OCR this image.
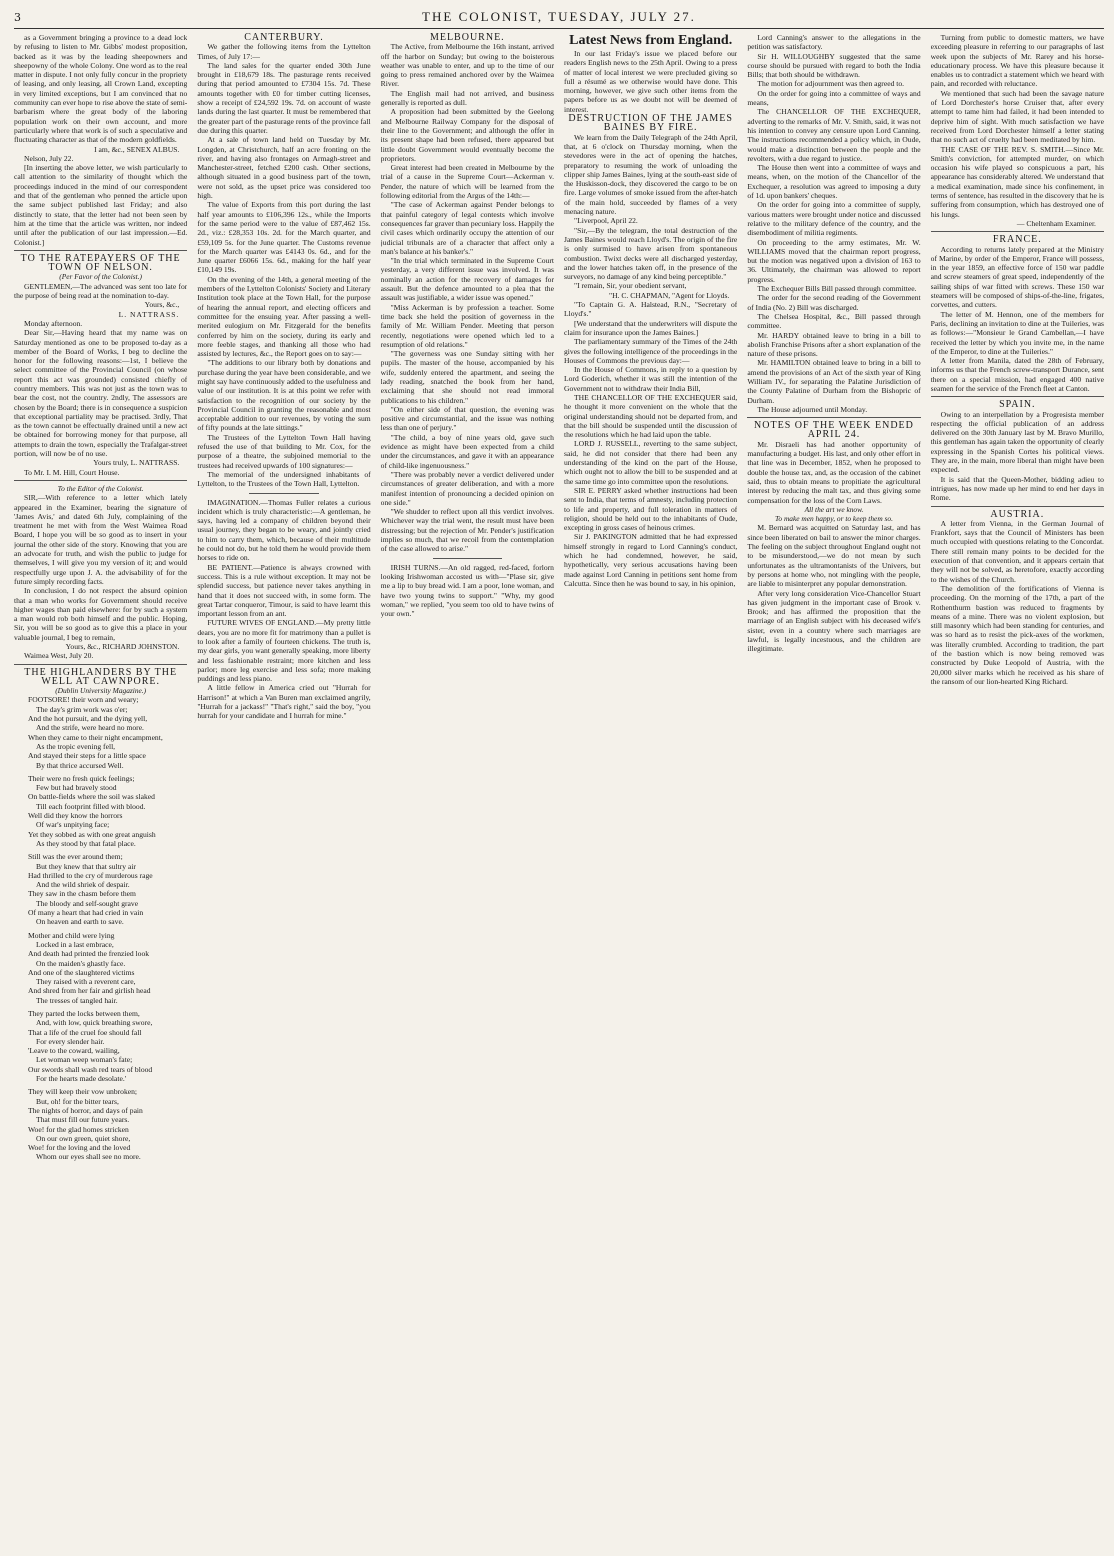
3	THE COLONIST, TUESDAY, JULY 27.

as a Government bringing a province to a dead lock by refusing to listen to Mr. Gibbs' modest proposition, backed as it was by the leading sheepowners and sheepowny of the whole Colony. One word as to the real matter in dispute. I not only fully concur in the propriety of leasing, and only leasing, all Crown Land, excepting in very limited exceptions, but I am convinced that no community can ever hope to rise above the state of semi-barbarism where the great body of the laboring population work on their own account, and more particularly where that work is of such a speculative and fluctuating character as that of the modern goldfields.

I am, &c., SENEX ALBUS.

Nelson, July 22.

[In inserting the above letter, we wish particularly to call attention to the similarity of thought which the proceedings induced in the mind of our correspondent and that of the gentleman who penned the article upon the same subject published last Friday; and also distinctly to state, that the letter had not been seen by him at the time that the article was written, nor indeed until after the publication of our last impression.—Ed. Colonist.]

TO THE RATEPAYERS OF THE TOWN OF NELSON.

(Per Favor of the Colonist.)

GENTLEMEN,—The advanced was sent too late for the purpose of being read at the nomination to-day.

Yours, &c.,

L. NATTRASS.

Monday afternoon.

Dear Sir,—Having heard that my name was on Saturday mentioned as one to be proposed to-day as a member of the Board of Works, I beg to decline the honor for the following reasons:—1st, I believe the select committee of the Provincial Council (on whose report this act was grounded) consisted chiefly of country members. This was not just as the town was to bear the cost, not the country. 2ndly, The assessors are chosen by the Board; there is in consequence a suspicion that exceptional partiality may be practised. 3rdly, That as the town cannot be effectually drained until a new act be obtained for borrowing money for that purpose, all attempts to drain the town, especially the Trafalgar-street portion, will now be of no use.

Yours truly, L. NATTRASS.

To Mr. I. M. Hill, Court House.

To the Editor of the Colonist.

SIR,—With reference to a letter which lately appeared in the Examiner, bearing the signature of 'James Avis,' and dated 6th July, complaining of the treatment he met with from the West Waimea Road Board, I hope you will be so good as to insert in your journal the other side of the story. Knowing that you are an advocate for truth, and wish the public to judge for themselves, I will give you my version of it; and would respectfully urge upon J. A. the advisability of for the future simply recording facts.

In conclusion, I do not respect the absurd opinion that a man who works for Government should receive higher wages than paid elsewhere: for by such a system a man would rob both himself and the public. Hoping, Sir, you will be so good as to give this a place in your valuable journal, I beg to remain,

Yours, &c., RICHARD JOHNSTON.

Waimea West, July 20.

THE HIGHLANDERS BY THE WELL AT CAWNPORE.

(Dublin University Magazine.)

FOOTSORE! their worn and weary;

The day's grim work was o'er;

And the hot pursuit, and the dying yell,

And the strife, were heard no more.

When they came to their night encampment,

As the tropic evening fell,

And stayed their steps for a little space

By that thrice accursed Well.

Their were no fresh quick feelings;

Few but had bravely stood

On battle-fields where the soil was slaked

Till each footprint filled with blood.

Well did they know the horrors

Of war's unpitying face;

Yet they sobbed as with one great anguish

As they stood by that fatal place.

Still was the ever around them;

But they knew that that sultry air

Had thrilled to the cry of murderous rage

And the wild shriek of despair.

They saw in the chasm before them

The bloody and self-sought grave

Of many a heart that had cried in vain

On heaven and earth to save.

Mother and child were lying

Locked in a last embrace,

And death had printed the frenzied look

On the maiden's ghastly face.

And one of the slaughtered victims

They raised with a reverent care,

And shred from her fair and girlish head

The tresses of tangled hair.

They parted the locks between them,

And, with low, quick breathing swore,

That a life of the cruel foe should fall

For every slender hair.

'Leave to the coward, wailing,

Let woman weep woman's fate;

Our swords shall wash red tears of blood

For the hearts made desolate.'

They will keep their vow unbroken;

But, oh! for the bitter tears,

The nights of horror, and days of pain

That must fill our future years.

Woe! for the glad homes stricken

On our own green, quiet shore,

Woe! for the loving and the loved

Whom our eyes shall see no more.

CANTERBURY.

We gather the following items from the Lyttelton Times, of July 17:—

The land sales for the quarter ended 30th June brought in £18,679 18s. The pasturage rents received during that period amounted to £7304 15s. 7d. These amounts together with £0 for timber cutting licenses, show a receipt of £24,592 19s. 7d. on account of waste lands during the last quarter. It must be remembered that the greater part of the pasturage rents of the province fall due during this quarter.

At a sale of town land held on Tuesday by Mr. Longden, at Christchurch, half an acre fronting on the river, and having also frontages on Armagh-street and Manchester-street, fetched £200 cash. Other sections, although situated in a good business part of the town, were not sold, as the upset price was considered too high.

The value of Exports from this port during the last half year amounts to £106,396 12s., while the Imports for the same period were to the value of £87,462 15s. 2d., viz.: £28,353 10s. 2d. for the March quarter, and £59,109 5s. for the June quarter. The Customs revenue for the March quarter was £4143 0s. 6d., and for the June quarter £6066 15s. 6d., making for the half year £10,149 19s.

On the evening of the 14th, a general meeting of the members of the Lyttelton Colonists' Society and Literary Institution took place at the Town Hall, for the purpose of hearing the annual report, and electing officers and committee for the ensuing year. After passing a well-merited eulogium on Mr. Fitzgerald for the benefits conferred by him on the society, during its early and more feeble stages, and thanking all those who had assisted by lectures, &c., the Report goes on to say:—

"The additions to our library both by donations and purchase during the year have been considerable, and we might say have continuously added to the usefulness and value of our institution. It is at this point we refer with satisfaction to the recognition of our society by the Provincial Council in granting the reasonable and most acceptable addition to our revenues, by voting the sum of fifty pounds at the late sittings."

The Trustees of the Lyttelton Town Hall having refused the use of that building to Mr. Cox, for the purpose of a theatre, the subjoined memorial to the trustees had received upwards of 100 signatures:—

The memorial of the undersigned inhabitants of Lyttelton, to the Trustees of the Town Hall, Lyttelton.

IMAGINATION.—Thomas Fuller relates a curious incident which is truly characteristic:—A gentleman, he says, having led a company of children beyond their usual journey, they began to be weary, and jointly cried to him to carry them, which, because of their multitude he could not do, but he told them he would provide them horses to ride on.

BE PATIENT.—Patience is always crowned with success. This is a rule without exception. It may not be splendid success, but patience never takes anything in hand that it does not succeed with, in some form. The great Tartar conqueror, Timour, is said to have learnt this important lesson from an ant.

FUTURE WIVES OF ENGLAND.—My pretty little dears, you are no more fit for matrimony than a pullet is to look after a family of fourteen chickens. The truth is, my dear girls, you want generally speaking, more liberty and less fashionable restraint; more kitchen and less parlor; more leg exercise and less sofa; more making puddings and less piano.

A little fellow in America cried out "Hurrah for Harrison!" at which a Van Buren man exclaimed angrily, "Hurrah for a jackass!" "That's right," said the boy, "you hurrah for your candidate and I hurrah for mine."

MELBOURNE.

The Active, from Melbourne the 16th instant, arrived off the harbor on Sunday; but owing to the boisterous weather was unable to enter, and up to the time of our going to press remained anchored over by the Waimea River.

The English mail had not arrived, and business generally is reported as dull.

A proposition had been submitted by the Geelong and Melbourne Railway Company for the disposal of their line to the Government; and although the offer in its present shape had been refused, there appeared but little doubt Government would eventually become the proprietors.

Great interest had been created in Melbourne by the trial of a cause in the Supreme Court—Ackerman v. Pender, the nature of which will be learned from the following editorial from the Argus of the 14th:—

"The case of Ackerman against Pender belongs to that painful category of legal contests which involve consequences far graver than pecuniary loss. Happily the civil cases which ordinarily occupy the attention of our judicial tribunals are of a character that affect only a man's balance at his banker's."

"In the trial which terminated in the Supreme Court yesterday, a very different issue was involved. It was nominally an action for the recovery of damages for assault. But the defence amounted to a plea that the assault was justifiable, a wider issue was opened."

"Miss Ackerman is by profession a teacher. Some time back she held the position of governess in the family of Mr. William Pender. Meeting that person recently, negotiations were opened which led to a resumption of old relations."

"The governess was one Sunday sitting with her pupils. The master of the house, accompanied by his wife, suddenly entered the apartment, and seeing the lady reading, snatched the book from her hand, exclaiming that she should not read immoral publications to his children."

"On either side of that question, the evening was positive and circumstantial, and the issue was nothing less than one of perjury."

"The child, a boy of nine years old, gave such evidence as might have been expected from a child under the circumstances, and gave it with an appearance of child-like ingenuousness."

"There was probably never a verdict delivered under circumstances of greater deliberation, and with a more manifest intention of pronouncing a decided opinion on one side."

"We shudder to reflect upon all this verdict involves. Whichever way the trial went, the result must have been distressing; but the rejection of Mr. Pender's justification implies so much, that we recoil from the contemplation of the case allowed to arise."

IRISH TURNS.—An old ragged, red-faced, forlorn looking Irishwoman accosted us with—"Plase sir, give me a lip to buy bread wid. I am a poor, lone woman, and have two young twins to support." "Why, my good woman," we replied, "you seem too old to have twins of your own."

Latest News from England.

In our last Friday's issue we placed before our readers English news to the 25th April. Owing to a press of matter of local interest we were precluded giving so full a résumé as we otherwise would have done. This morning, however, we give such other items from the papers before us as we doubt not will be deemed of interest.

DESTRUCTION OF THE JAMES BAINES BY FIRE.

We learn from the Daily Telegraph of the 24th April, that, at 6 o'clock on Thursday morning, when the stevedores were in the act of opening the hatches, preparatory to resuming the work of unloading the clipper ship James Baines, lying at the south-east side of the Huskisson-dock, they discovered the cargo to be on fire. Large volumes of smoke issued from the after-hatch of the main hold, succeeded by flames of a very menacing nature.

"Liverpool, April 22.

"Sir,—By the telegram, the total destruction of the James Baines would reach Lloyd's. The origin of the fire is only surmised to have arisen from spontaneous combustion. Twixt decks were all discharged yesterday, and the lower hatches taken off, in the presence of the surveyors, no damage of any kind being perceptible."

"I remain, Sir, your obedient servant,

"H. C. CHAPMAN, "Agent for Lloyds.

"To Captain G. A. Halstead, R.N., "Secretary of Lloyd's."

[We understand that the underwriters will dispute the claim for insurance upon the James Baines.]

The parliamentary summary of the Times of the 24th gives the following intelligence of the proceedings in the Houses of Commons the previous day:—

In the House of Commons, in reply to a question by Lord Goderich, whether it was still the intention of the Government not to withdraw their India Bill,

THE CHANCELLOR OF THE EXCHEQUER said, he thought it more convenient on the whole that the original understanding should not be departed from, and that the bill should be suspended until the discussion of the resolutions which he had laid upon the table.

LORD J. RUSSELL, reverting to the same subject, said, he did not consider that there had been any understanding of the kind on the part of the House, which ought not to allow the bill to be suspended and at the same time go into committee upon the resolutions.

SIR E. PERRY asked whether instructions had been sent to India, that terms of amnesty, including protection to life and property, and full toleration in matters of religion, should be held out to the inhabitants of Oude, excepting in gross cases of heinous crimes.

Sir J. PAKINGTON admitted that he had expressed himself strongly in regard to Lord Canning's conduct, which he had condemned, however, he said, hypothetically, very serious accusations having been made against Lord Canning in petitions sent home from Calcutta. Since then he was bound to say, in his opinion,

Lord Canning's answer to the allegations in the petition was satisfactory.

Sir H. WILLOUGHBY suggested that the same course should be pursued with regard to both the India Bills; that both should be withdrawn.

The motion for adjournment was then agreed to.

On the order for going into a committee of ways and means,

The CHANCELLOR OF THE EXCHEQUER, adverting to the remarks of Mr. V. Smith, said, it was not his intention to convey any censure upon Lord Canning. The instructions recommended a policy which, in Oude, would make a distinction between the people and the revolters, with a due regard to justice.

The House then went into a committee of ways and means, when, on the motion of the Chancellor of the Exchequer, a resolution was agreed to imposing a duty of 1d. upon bankers' cheques.

On the order for going into a committee of supply, various matters were brought under notice and discussed relative to the military defence of the country, and the disembodiment of militia regiments.

On proceeding to the army estimates, Mr. W. WILLIAMS moved that the chairman report progress, but the motion was negatived upon a division of 163 to 36. Ultimately, the chairman was allowed to report progress.

The Exchequer Bills Bill passed through committee.

The order for the second reading of the Government of India (No. 2) Bill was discharged.

The Chelsea Hospital, &c., Bill passed through committee.

Mr. HARDY obtained leave to bring in a bill to abolish Franchise Prisons after a short explanation of the nature of these prisons.

Mr. HAMILTON obtained leave to bring in a bill to amend the provisions of an Act of the sixth year of King William IV., for separating the Palatine Jurisdiction of the County Palatine of Durham from the Bishopric of Durham.

The House adjourned until Monday.

NOTES OF THE WEEK ENDED APRIL 24.

Mr. Disraeli has had another opportunity of manufacturing a budget. His last, and only other effort in that line was in December, 1852, when he proposed to double the house tax, and, as the occasion of the cabinet said, thus to obtain means to propitiate the agricultural interest by reducing the malt tax, and thus giving some compensation for the loss of the Corn Laws.

All the art we know.

To make men happy, or to keep them so.

M. Bernard was acquitted on Saturday last, and has since been liberated on bail to answer the minor charges. The feeling on the subject throughout England ought not to be misunderstood,—we do not mean by such unfortunates as the ultramontanists of the Univers, but by persons at home who, not mingling with the people, are liable to misinterpret any popular demonstration.

After very long consideration Vice-Chancellor Stuart has given judgment in the important case of Brook v. Brook; and has affirmed the proposition that the marriage of an English subject with his deceased wife's sister, even in a country where such marriages are lawful, is legally incestuous, and the children are illegitimate.

Turning from public to domestic matters, we have exceeding pleasure in referring to our paragraphs of last week upon the subjects of Mr. Rarey and his horse-educationary process. We have this pleasure because it enables us to contradict a statement which we heard with pain, and recorded with reluctance.

We mentioned that such had been the savage nature of Lord Dorchester's horse Cruiser that, after every attempt to tame him had failed, it had been intended to deprive him of sight. With much satisfaction we have received from Lord Dorchester himself a letter stating that no such act of cruelty had been meditated by him.

THE CASE OF THE REV. S. SMITH.—Since Mr. Smith's conviction, for attempted murder, on which occasion his wife played so conspicuous a part, his appearance has considerably altered. We understand that a medical examination, made since his confinement, in terms of sentence, has resulted in the discovery that he is suffering from consumption, which has destroyed one of his lungs.

— Cheltenham Examiner.

FRANCE.

According to returns lately prepared at the Ministry of Marine, by order of the Emperor, France will possess, in the year 1859, an effective force of 150 war paddle and screw steamers of great speed, independently of the sailing ships of war fitted with screws. These 150 war steamers will be composed of ships-of-the-line, frigates, corvettes, and cutters.

The letter of M. Hennon, one of the members for Paris, declining an invitation to dine at the Tuileries, was as follows:—"Monsieur le Grand Cambellan,—I have received the letter by which you invite me, in the name of the Emperor, to dine at the Tuileries."

A letter from Manila, dated the 28th of February, informs us that the French screw-transport Durance, sent there on a special mission, had engaged 400 native seamen for the service of the French fleet at Canton.

SPAIN.

Owing to an interpellation by a Progresista member respecting the official publication of an address delivered on the 30th January last by M. Bravo Murillo, this gentleman has again taken the opportunity of clearly expressing in the Spanish Cortes his political views. They are, in the main, more liberal than might have been expected.

It is said that the Queen-Mother, bidding adieu to intrigues, has now made up her mind to end her days in Rome.

AUSTRIA.

A letter from Vienna, in the German Journal of Frankfort, says that the Council of Ministers has been much occupied with questions relating to the Concordat. There still remain many points to be decided for the execution of that convention, and it appears certain that they will not be solved, as heretofore, exactly according to the wishes of the Church.

The demolition of the fortifications of Vienna is proceeding. On the morning of the 17th, a part of the Rothenthurm bastion was reduced to fragments by means of a mine. There was no violent explosion, but still masonry which had been standing for centuries, and was so hard as to resist the pick-axes of the workmen, was literally crumbled. According to tradition, the part of the bastion which is now being removed was constructed by Duke Leopold of Austria, with the 20,000 silver marks which he received as his share of the ransom of our lion-hearted King Richard.
